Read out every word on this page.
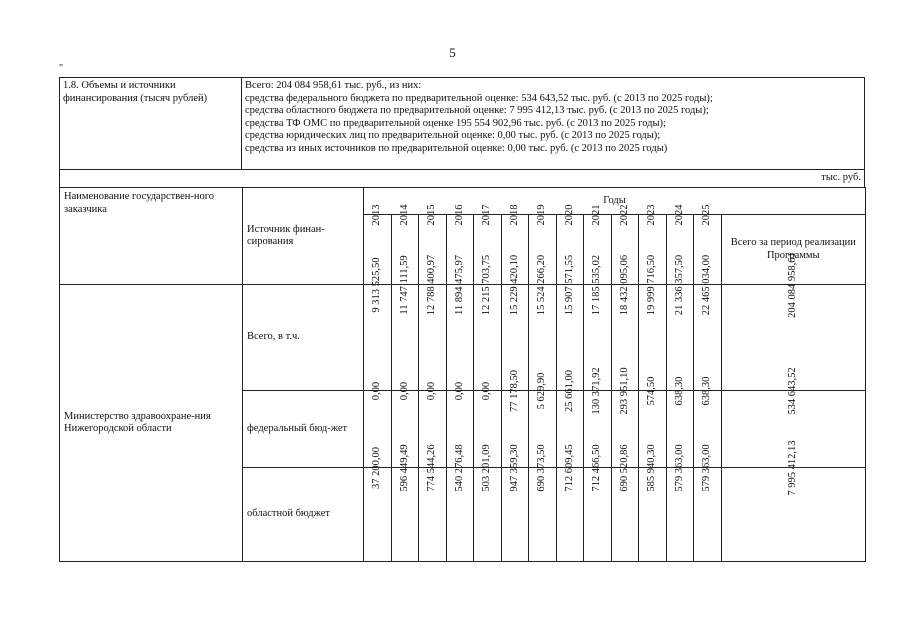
5
"
1.8. Объемы и источники финансирования (тысяч рублей)	
Всего: 204 084 958,61 тыс. руб., из них:
средства федерального бюджета по предварительной оценке: 534 643,52 тыс. руб. (с 2013 по 2025 годы);
средства областного бюджета по предварительной оценке: 7 995 412,13 тыс. руб. (с 2013 по 2025 годы);
средства ТФ ОМС по предварительной оценке 195 554 902,96 тыс. руб. (с 2013 по 2025 годы);
средства юридических лиц по предварительной оценке: 0,00 тыс. руб. (с 2013 по 2025 годы);
средства из иных источников по предварительной оценке: 0,00 тыс. руб. (с 2013 по 2025 годы)

тыс. руб.
Наименование государствен-ного заказчика	Источник финан-сирования	Годы													

		2013	2014	2015	2016	2017	2018	2019	2020	2021	2022	2023	2024	2025	Всего за период реализации Программы
Министерство здравоохране-ния Нижегородской области	Всего, в т.ч.	9 313 525,50	11 747 111,59	12 788 400,97	11 894 475,97	12 215 703,75	15 229 420,10	15 524 266,20	15 907 571,55	17 185 535,02	18 432 095,06	19 999 716,50	21 336 357,50	22 465 034,00	204 084 958,61

	федеральный бюд-жет	0,00	0,00	0,00	0,00	0,00	77 178,50	5 629,90	25 661,00	130 371,92	293 951,10	574,50	638,30	638,30	534 643,52

	областной бюджет	37 200,00	596 449,49	774 544,26	540 276,48	503 201,09	947 359,30	690 373,50	712 609,45	712 466,50	690 520,86	585 940,30	579 363,00	579 363,00	7 995 412,13
